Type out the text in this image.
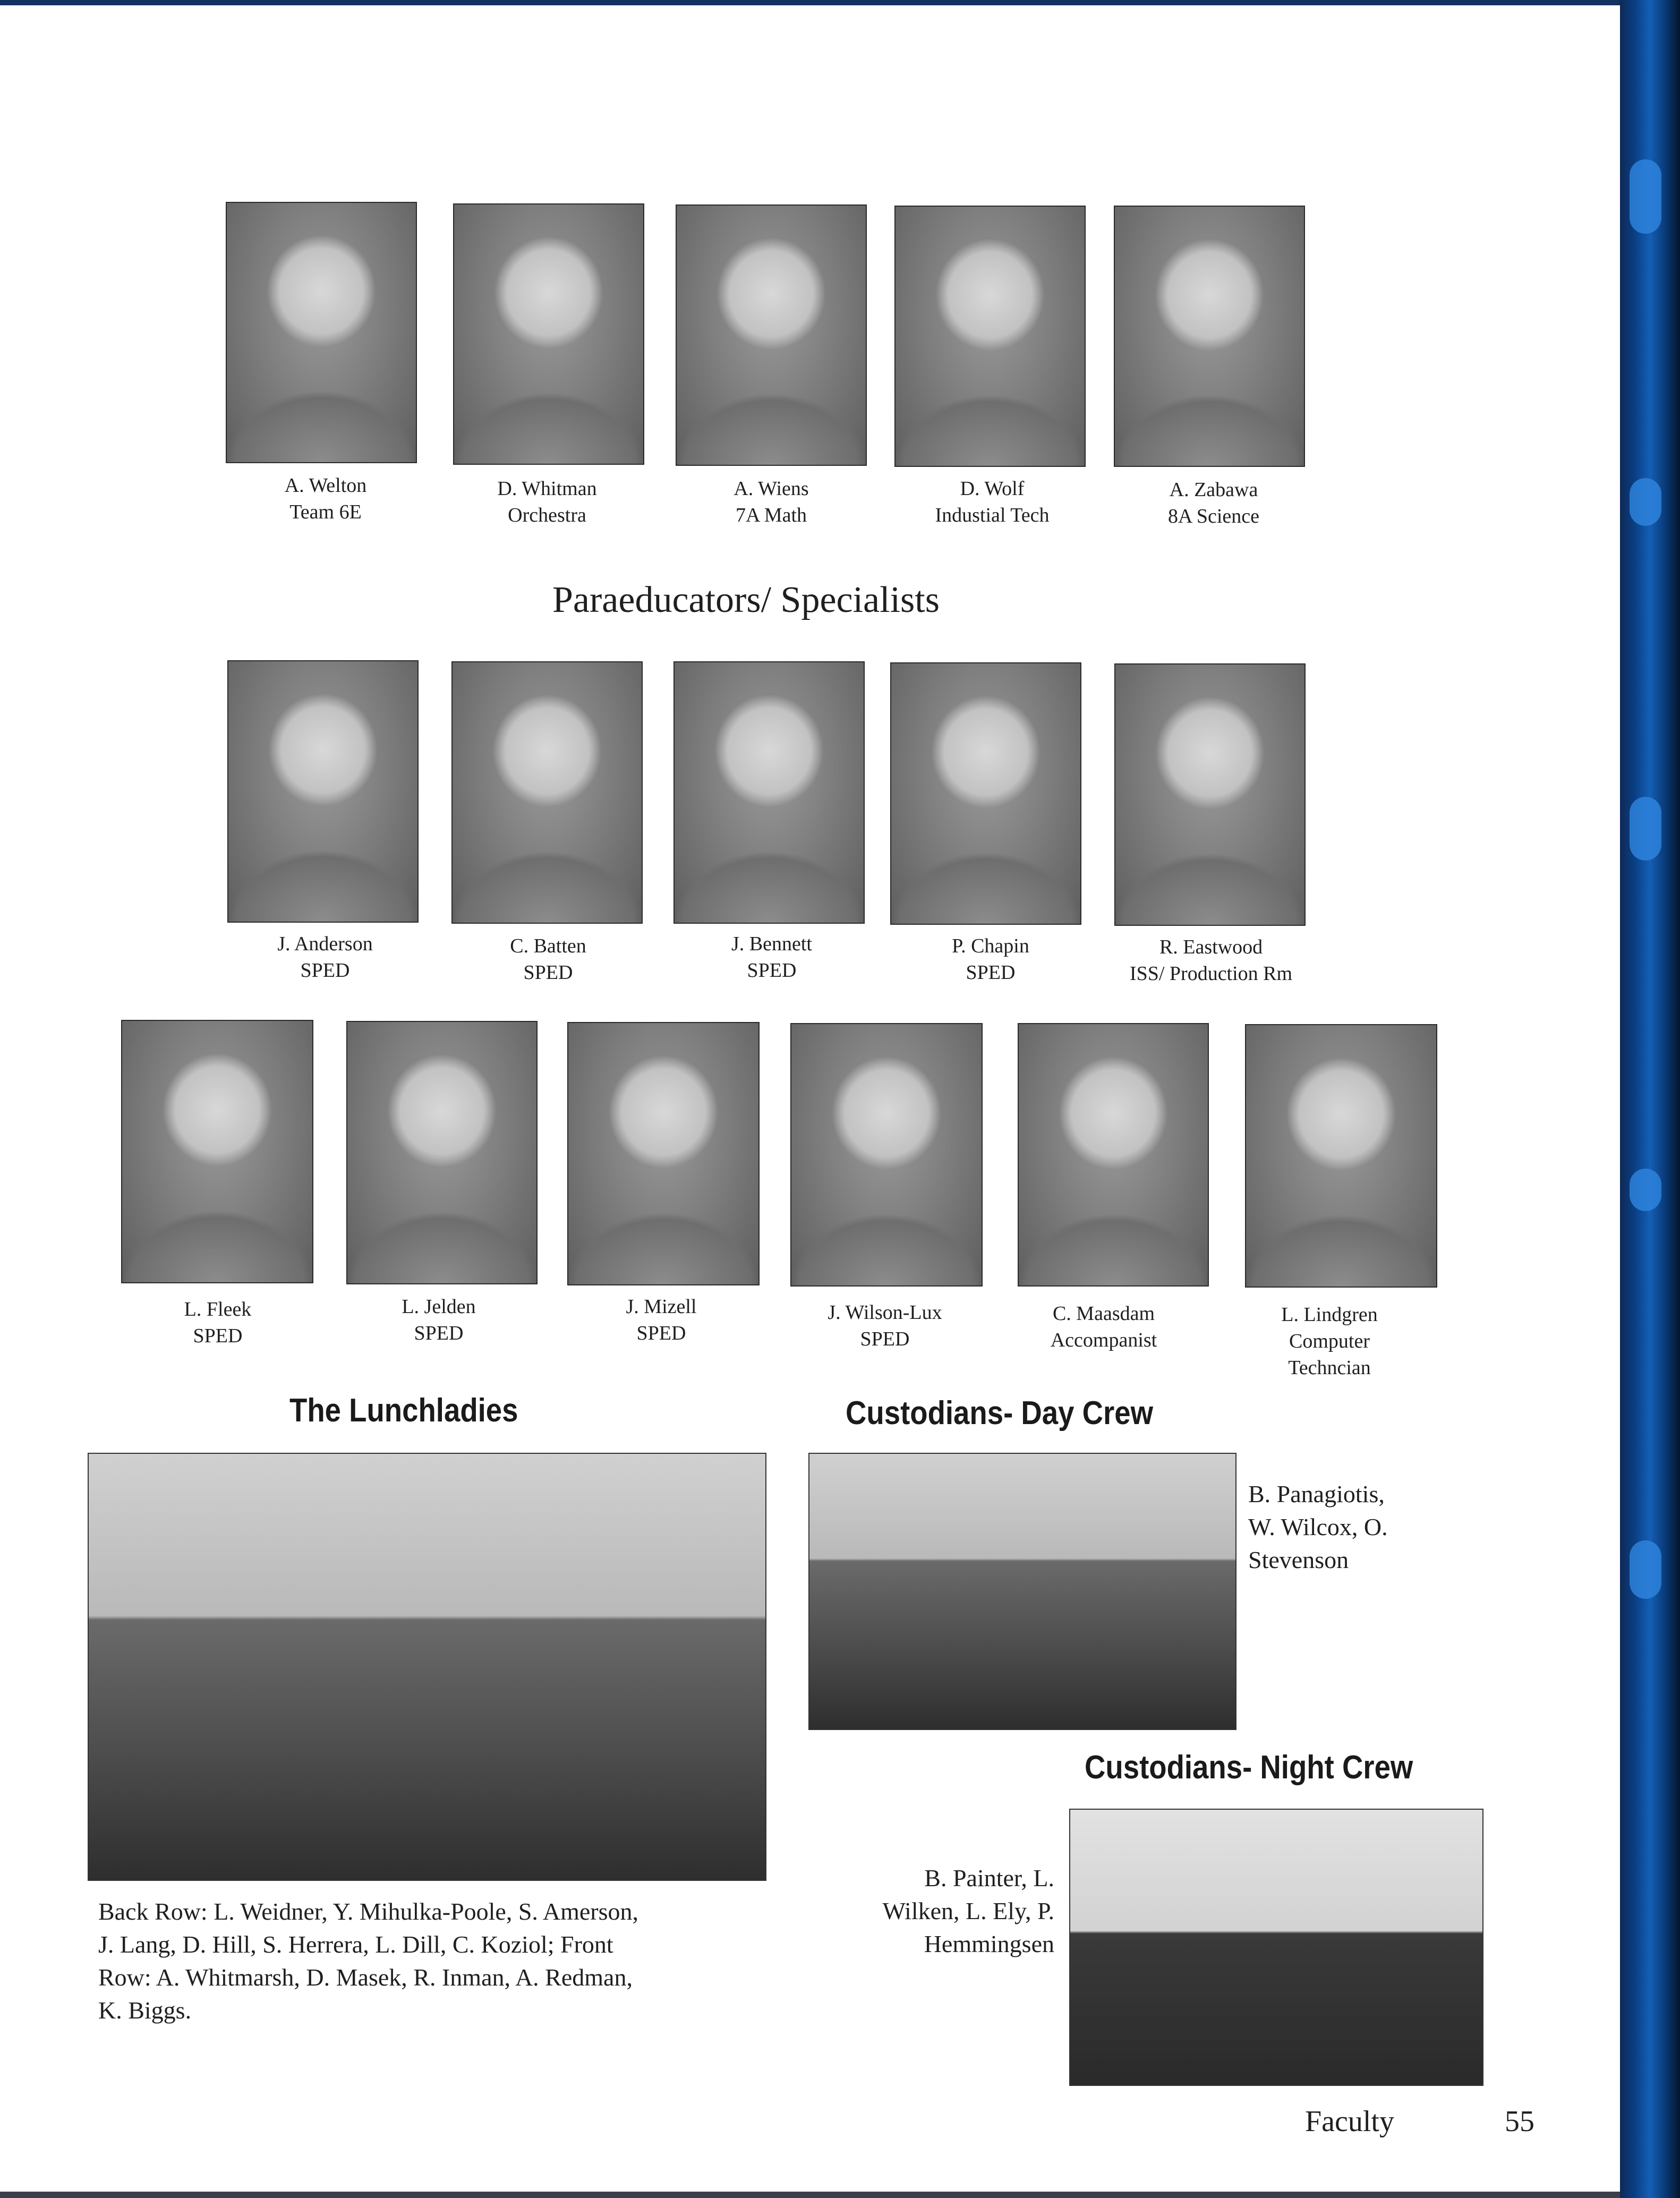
A. Welton
Team 6E
D. Whitman
Orchestra
A. Wiens
7A Math
D. Wolf
Industial Tech
A. Zabawa
8A Science
Paraeducators/ Specialists
J. Anderson
SPED
C. Batten
SPED
J. Bennett
SPED
P. Chapin
SPED
R. Eastwood
ISS/ Production Rm
L. Fleek
SPED
L. Jelden
SPED
J. Mizell
SPED
J. Wilson-Lux
SPED
C. Maasdam
Accompanist
L. Lindgren
Computer
Techncian
The Lunchladies
Back Row: L. Weidner, Y. Mihulka-Poole, S. Amerson,
J. Lang, D. Hill, S. Herrera, L. Dill, C. Koziol; Front
Row: A. Whitmarsh, D. Masek, R. Inman, A. Redman,
K. Biggs.
Custodians- Day Crew
B. Panagiotis,
W. Wilcox, O.
Stevenson
Custodians- Night Crew
B. Painter, L.
Wilken, L. Ely, P.
Hemmingsen
Faculty	55
